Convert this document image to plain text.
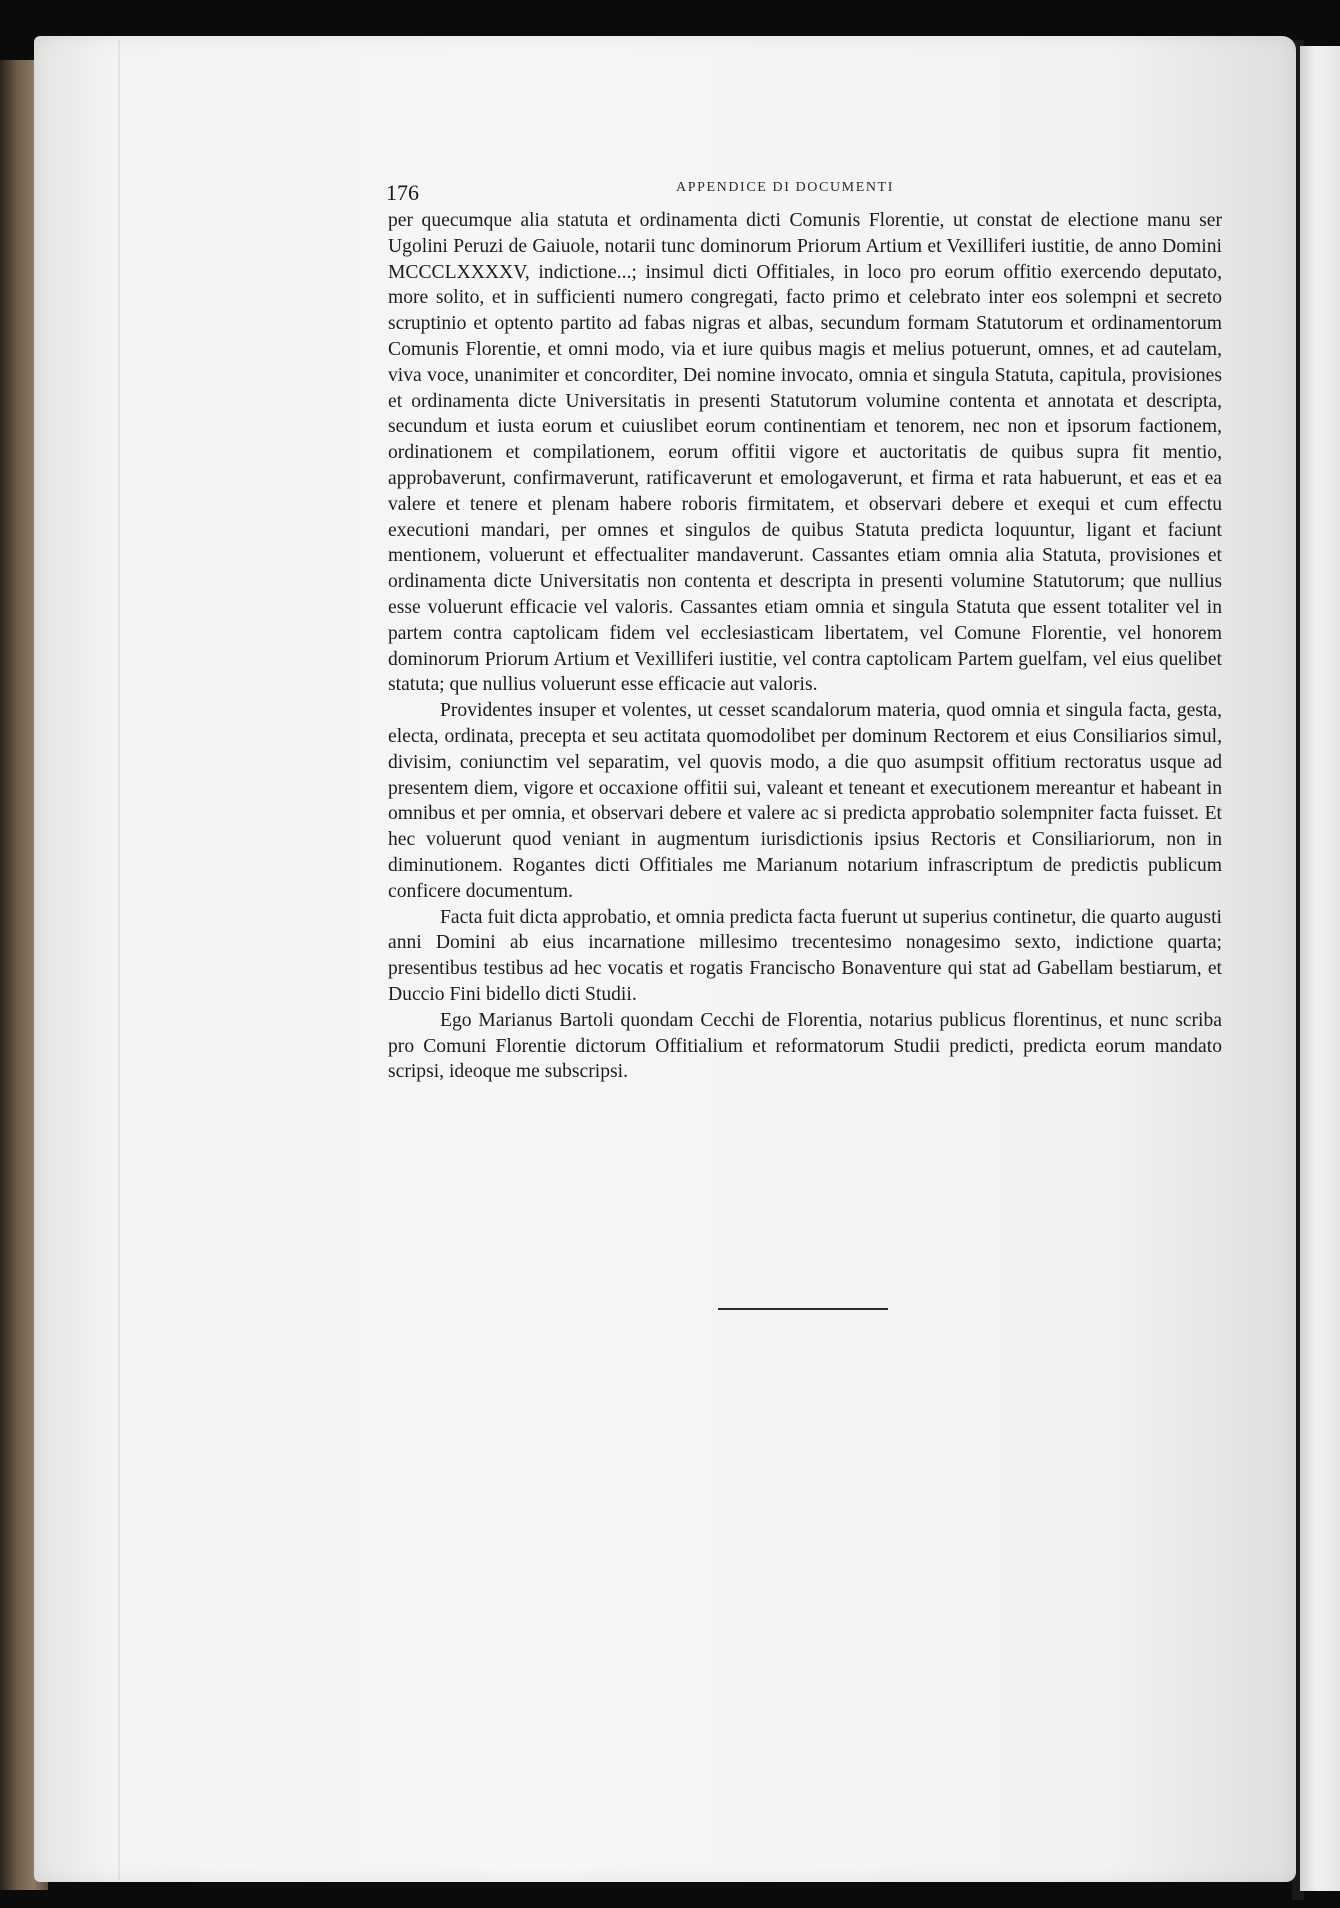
176	APPENDICE DI DOCUMENTI

per quecumque alia statuta et ordinamenta dicti Comunis Florentie, ut constat de electione manu ser Ugolini Peruzi de Gaiuole, notarii tunc dominorum Priorum Artium et Vexilliferi iustitie, de anno Domini MCCCLXXXXV, indictione...; insimul dicti Offitiales, in loco pro eorum offitio exercendo deputato, more solito, et in sufficienti numero congregati, facto primo et celebrato inter eos solempni et secreto scruptinio et optento partito ad fabas nigras et albas, secundum formam Statutorum et ordinamentorum Comunis Florentie, et omni modo, via et iure quibus magis et melius potuerunt, omnes, et ad cautelam, viva voce, unanimiter et concorditer, Dei nomine invocato, omnia et singula Statuta, capitula, provisiones et ordinamenta dicte Universitatis in presenti Statutorum volumine contenta et annotata et descripta, secundum et iusta eorum et cuiuslibet eorum continentiam et tenorem, nec non et ipsorum factionem, ordinationem et compilationem, eorum offitii vigore et auctoritatis de quibus supra fit mentio, approbaverunt, confirmaverunt, ratificaverunt et emologaverunt, et firma et rata habuerunt, et eas et ea valere et tenere et plenam habere roboris firmitatem, et observari debere et exequi et cum effectu executioni mandari, per omnes et singulos de quibus Statuta predicta loquuntur, ligant et faciunt mentionem, voluerunt et effectualiter mandaverunt. Cassantes etiam omnia alia Statuta, provisiones et ordinamenta dicte Universitatis non contenta et descripta in presenti volumine Statutorum; que nullius esse voluerunt efficacie vel valoris. Cassantes etiam omnia et singula Statuta que essent totaliter vel in partem contra captolicam fidem vel ecclesiasticam libertatem, vel Comune Florentie, vel honorem dominorum Priorum Artium et Vexilliferi iustitie, vel contra captolicam Partem guelfam, vel eius quelibet statuta; que nullius voluerunt esse efficacie aut valoris.

Providentes insuper et volentes, ut cesset scandalorum materia, quod omnia et singula facta, gesta, electa, ordinata, precepta et seu actitata quomodolibet per dominum Rectorem et eius Consiliarios simul, divisim, coniunctim vel separatim, vel quovis modo, a die quo asumpsit offitium rectoratus usque ad presentem diem, vigore et occaxione offitii sui, valeant et teneant et executionem mereantur et habeant in omnibus et per omnia, et observari debere et valere ac si predicta approbatio solempniter facta fuisset. Et hec voluerunt quod veniant in augmentum iurisdictionis ipsius Rectoris et Consiliariorum, non in diminutionem. Rogantes dicti Offitiales me Marianum notarium infrascriptum de predictis publicum conficere documentum.

Facta fuit dicta approbatio, et omnia predicta facta fuerunt ut superius continetur, die quarto augusti anni Domini ab eius incarnatione millesimo trecentesimo nonagesimo sexto, indictione quarta; presentibus testibus ad hec vocatis et rogatis Francischo Bonaventure qui stat ad Gabellam bestiarum, et Duccio Fini bidello dicti Studii.

Ego Marianus Bartoli quondam Cecchi de Florentia, notarius publicus florentinus, et nunc scriba pro Comuni Florentie dictorum Offitialium et reformatorum Studii predicti, predicta eorum mandato scripsi, ideoque me subscripsi.
